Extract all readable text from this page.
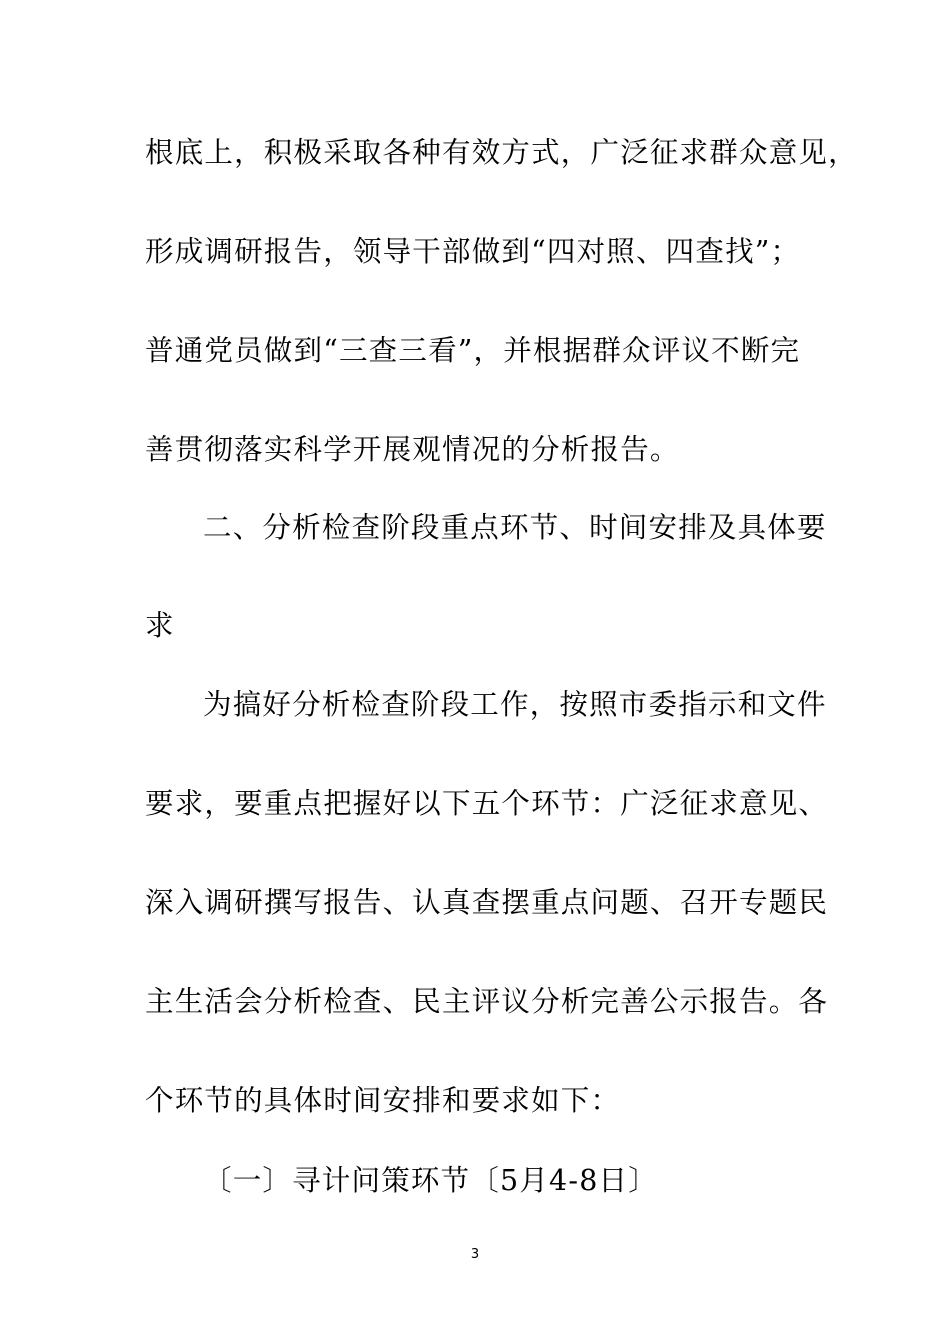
根底上，积极采取各种有效方式，广泛征求群众意见，
形成调研报告，领导干部做到“四对照、四查找”；
普通党员做到“三查三看”，并根据群众评议不断完
善贯彻落实科学开展观情况的分析报告。
二、分析检查阶段重点环节、时间安排及具体要
求
为搞好分析检查阶段工作，按照市委指示和文件
要求，要重点把握好以下五个环节：广泛征求意见、
深入调研撰写报告、认真查摆重点问题、召开专题民
主生活会分析检查、民主评议分析完善公示报告。各
个环节的具体时间安排和要求如下：
〔一〕寻计问策环节〔5月4-8日〕
3
